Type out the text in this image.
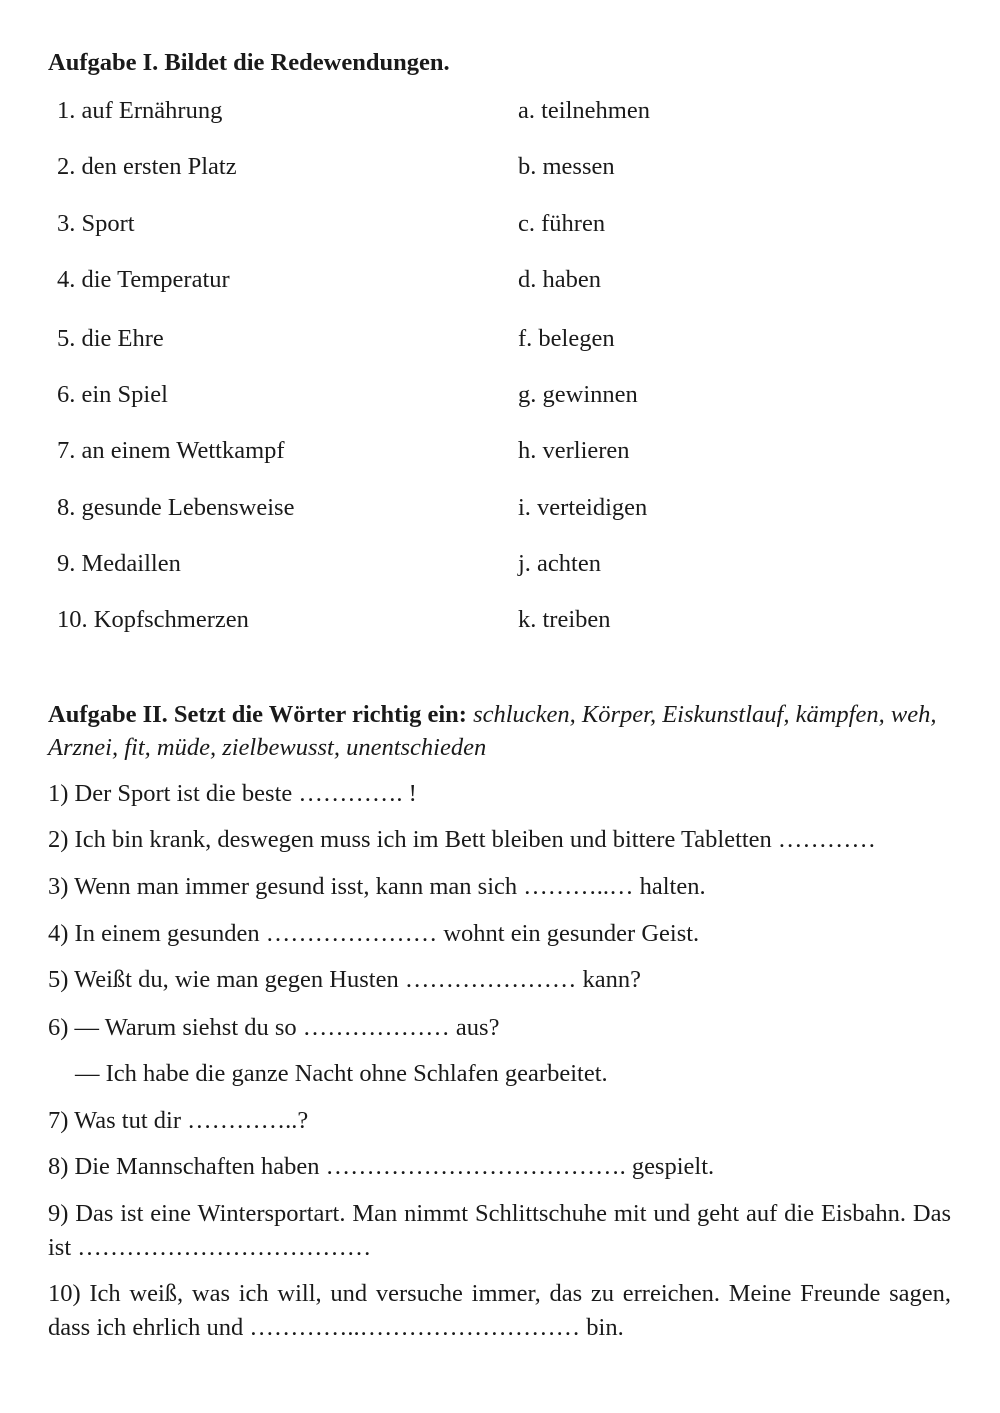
Aufgabe I. Bildet die Redewendungen.
1. auf Ernährung	a. teilnehmen
2. den ersten Platz	b. messen
3. Sport	c. führen
4. die Temperatur	d. haben
5. die Ehre	f. belegen
6. ein Spiel	g. gewinnen
7. an einem Wettkampf	h. verlieren
8. gesunde Lebensweise	i. verteidigen
9. Medaillen	j. achten
10. Kopfschmerzen	k. treiben
Aufgabe II. Setzt die Wörter richtig ein: schlucken, Körper, Eiskunstlauf, kämpfen, weh, Arznei, fit, müde, zielbewusst, unentschieden
1) Der Sport ist die beste …………. !
2) Ich bin krank, deswegen muss ich im Bett bleiben und bittere Tabletten …………
3) Wenn man immer gesund isst, kann man sich ………..… halten.
4) In einem gesunden ………………… wohnt ein gesunder Geist.
5) Weißt du, wie man gegen Husten ………………… kann?
6) — Warum siehst du so ……………… aus?
— Ich habe die ganze Nacht ohne Schlafen gearbeitet.
7) Was tut dir …………..?
8) Die Mannschaften haben ………………………………. gespielt.
9) Das ist eine Wintersportart. Man nimmt Schlittschuhe mit und geht auf die Eisbahn. Das ist ………………………………
10) Ich weiß, was ich will, und versuche immer, das zu erreichen. Meine Freunde sagen, dass ich ehrlich und …………..……………………… bin.
